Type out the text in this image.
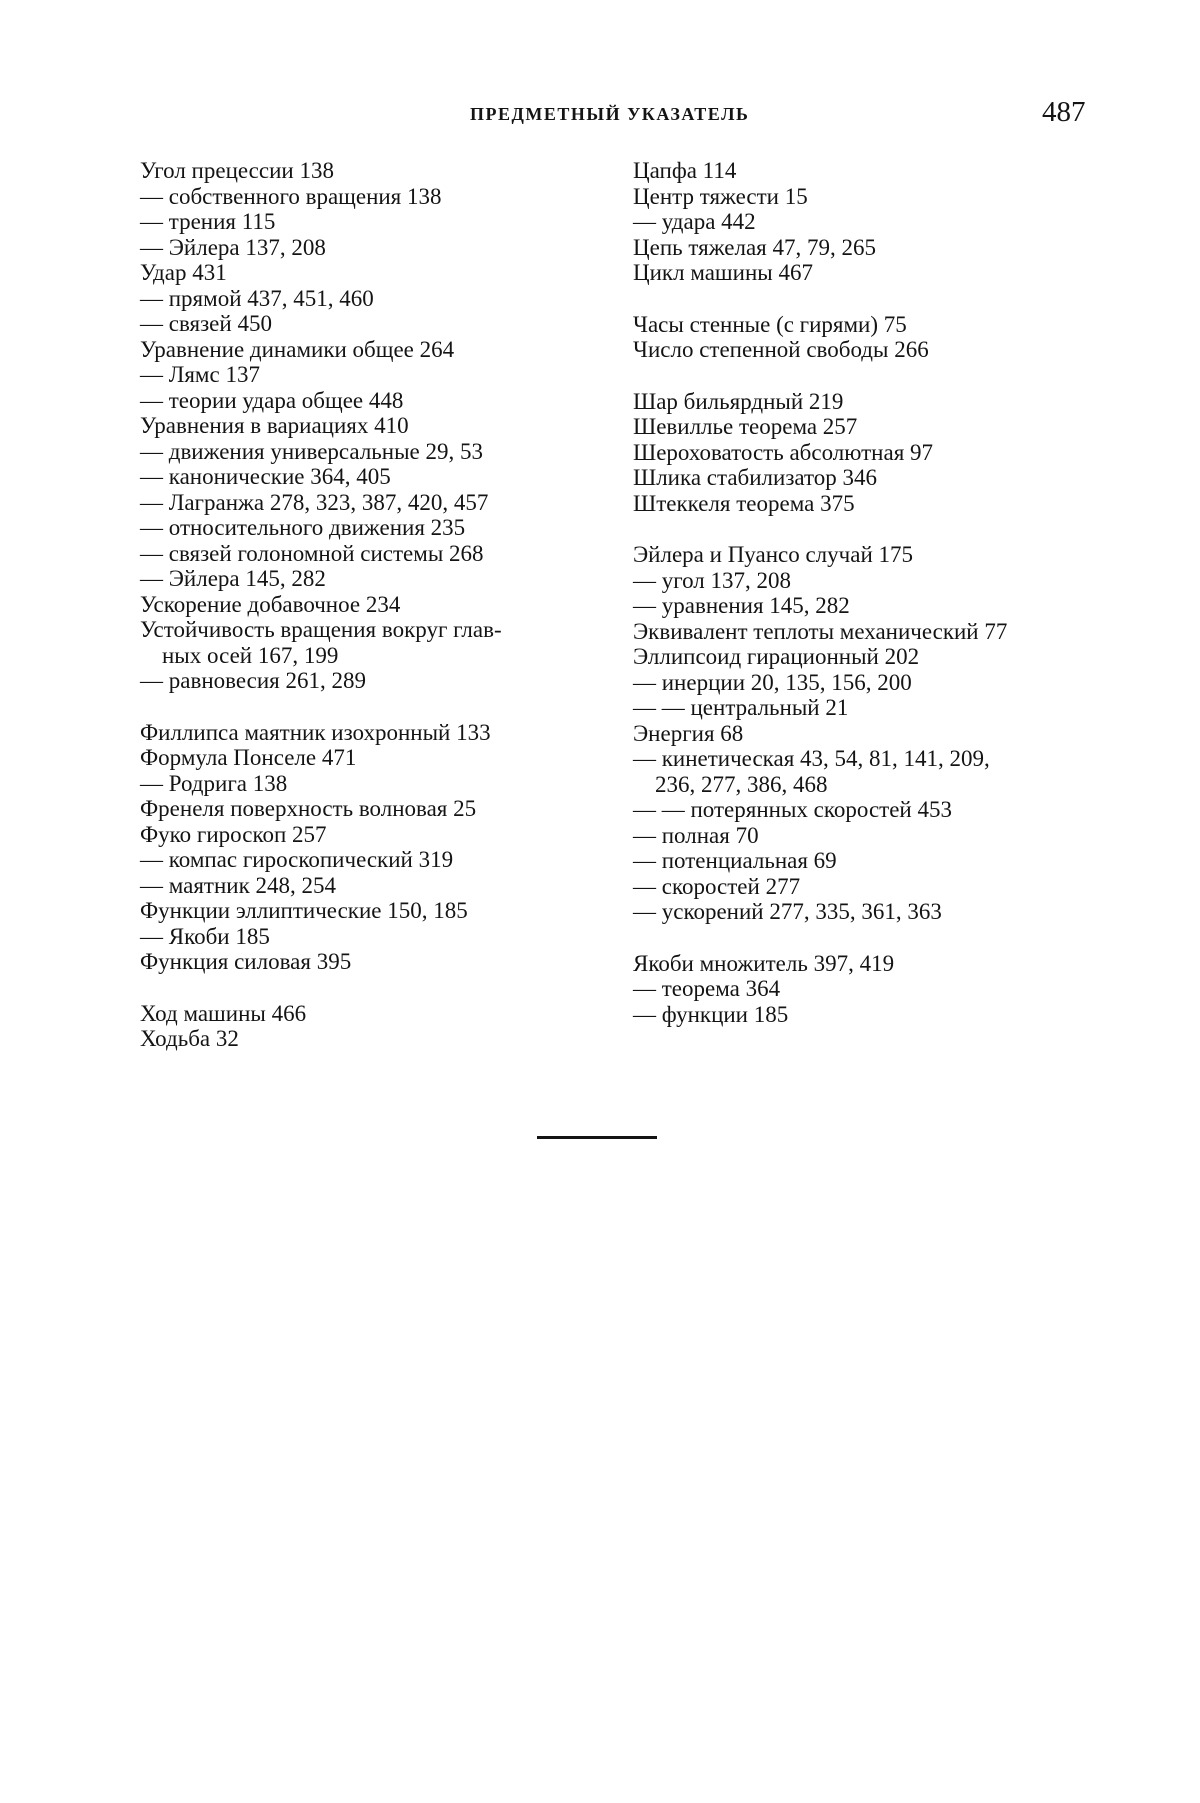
ПРЕДМЕТНЫЙ УКАЗАТЕЛЬ	487
Угол прецессии 138
— собственного вращения 138
— трения 115
— Эйлера 137, 208
Удар 431
— прямой 437, 451, 460
— связей 450
Уравнение динамики общее 264
— Лямс 137
— теории удара общее 448
Уравнения в вариациях 410
— движения универсальные 29, 53
— канонические 364, 405
— Лагранжа 278, 323, 387, 420, 457
— относительного движения 235
— связей голономной системы 268
— Эйлера 145, 282
Ускорение добавочное 234
Устойчивость вращения вокруг глав-
ных осей 167, 199
— равновесия 261, 289
Филлипса маятник изохронный 133
Формула Понселе 471
— Родрига 138
Френеля поверхность волновая 25
Фуко гироскоп 257
— компас гироскопический 319
— маятник 248, 254
Функции эллиптические 150, 185
— Якоби 185
Функция силовая 395
Ход машины 466
Ходьба 32
Цапфа 114
Центр тяжести 15
— удара 442
Цепь тяжелая 47, 79, 265
Цикл машины 467
Часы стенные (с гирями) 75
Число степенной свободы 266
Шар бильярдный 219
Шевиллье теорема 257
Шероховатость абсолютная 97
Шлика стабилизатор 346
Штеккеля теорема 375
Эйлера и Пуансо случай 175
— угол 137, 208
— уравнения 145, 282
Эквивалент теплоты механический 77
Эллипсоид гирационный 202
— инерции 20, 135, 156, 200
— — центральный 21
Энергия 68
— кинетическая 43, 54, 81, 141, 209,
236, 277, 386, 468
— — потерянных скоростей 453
— полная 70
— потенциальная 69
— скоростей 277
— ускорений 277, 335, 361, 363
Якоби множитель 397, 419
— теорема 364
— функции 185
